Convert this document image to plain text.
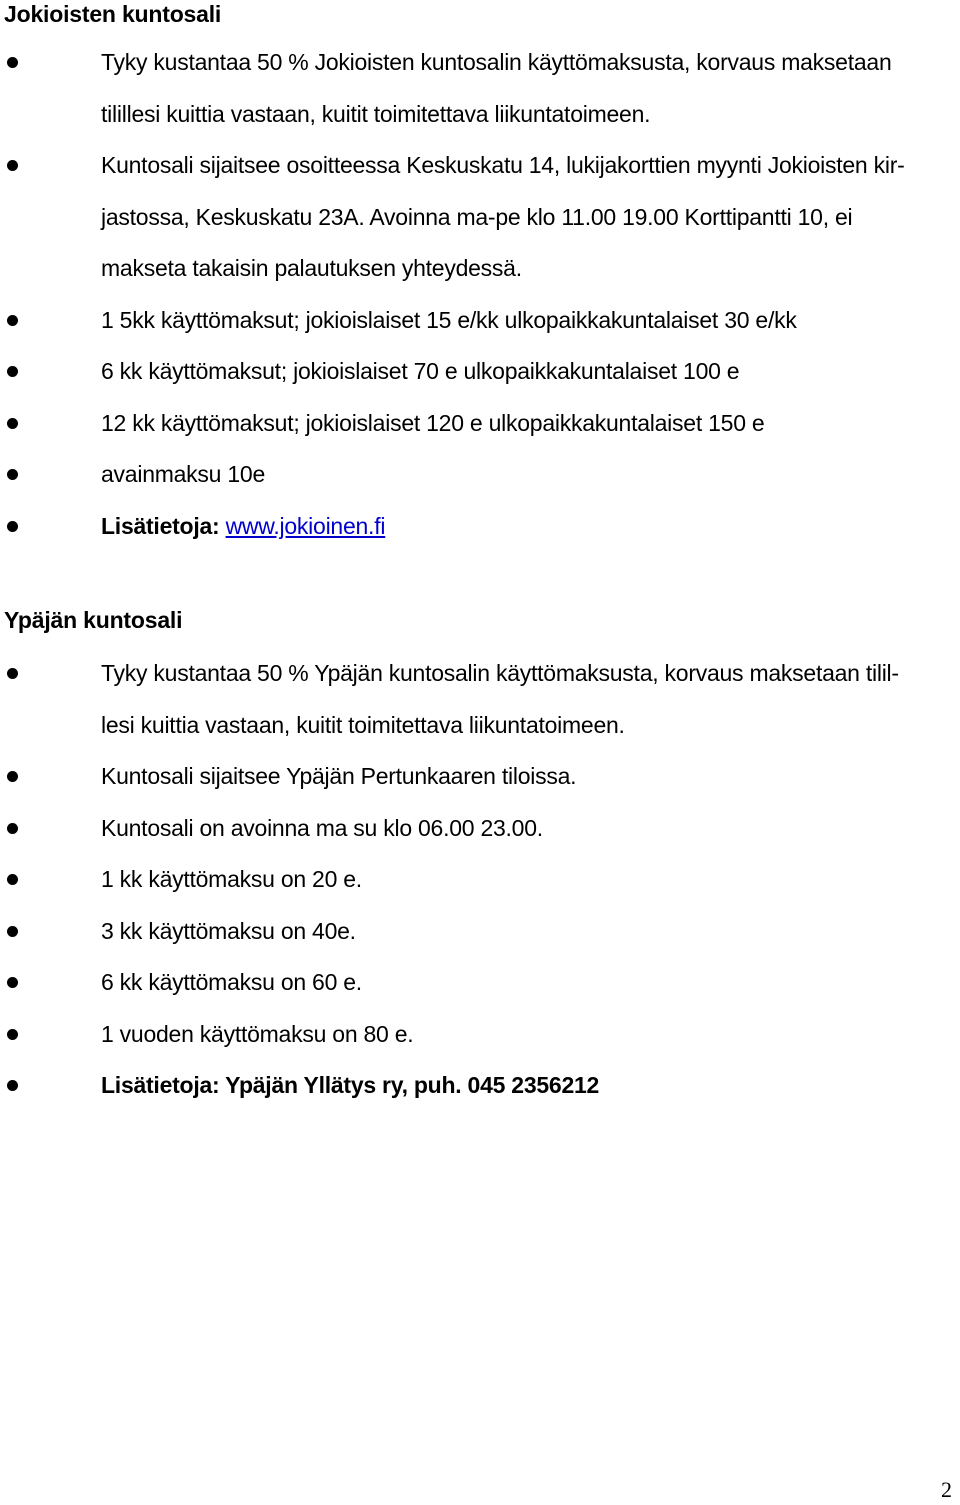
Jokioisten kuntosali
Tyky kustantaa 50 % Jokioisten kuntosalin käyttömaksusta, korvaus maksetaan
tilillesi kuittia vastaan, kuitit toimitettava liikuntatoimeen.
Kuntosali sijaitsee osoitteessa Keskuskatu 14, lukijakorttien myynti Jokioisten kir-
jastossa, Keskuskatu 23A. Avoinna ma-pe klo 11.00 19.00 Korttipantti 10, ei
makseta takaisin palautuksen yhteydessä.
1 5kk käyttömaksut; jokioislaiset 15 e/kk ulkopaikkakuntalaiset 30 e/kk
6 kk käyttömaksut; jokioislaiset 70 e ulkopaikkakuntalaiset 100 e
12 kk käyttömaksut; jokioislaiset 120 e ulkopaikkakuntalaiset 150 e
avainmaksu 10e
Lisätietoja: www.jokioinen.fi
Ypäjän kuntosali
Tyky kustantaa 50 % Ypäjän kuntosalin käyttömaksusta, korvaus maksetaan tilil-
lesi kuittia vastaan, kuitit toimitettava liikuntatoimeen.
Kuntosali sijaitsee Ypäjän Pertunkaaren tiloissa.
Kuntosali on avoinna ma su klo 06.00 23.00.
1 kk käyttömaksu on 20 e.
3 kk käyttömaksu on 40e.
6 kk käyttömaksu on 60 e.
1 vuoden käyttömaksu on 80 e.
Lisätietoja: Ypäjän Yllätys ry, puh. 045 2356212

2
